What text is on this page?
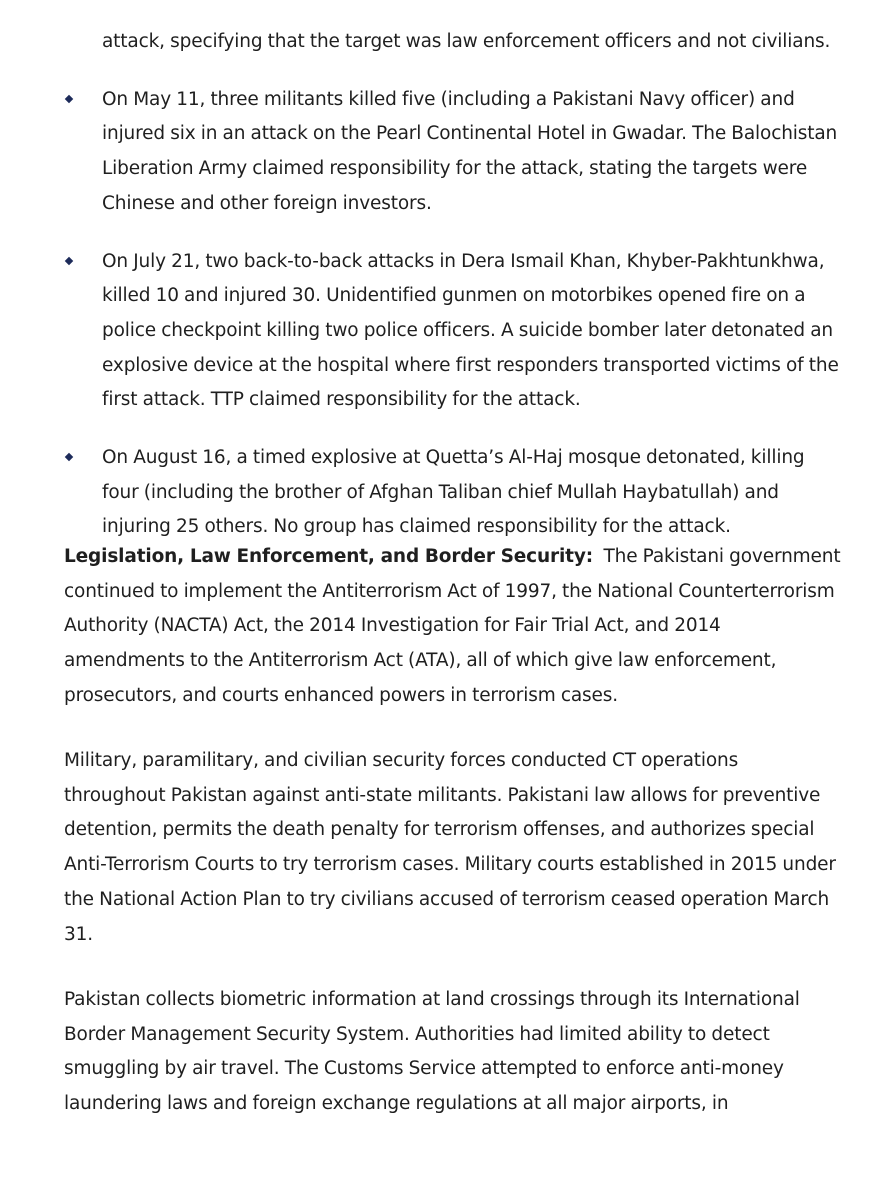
attack, specifying that the target was law enforcement officers and not civilians.
On May 11, three militants killed five (including a Pakistani Navy officer) and injured six in an attack on the Pearl Continental Hotel in Gwadar. The Balochistan Liberation Army claimed responsibility for the attack, stating the targets were Chinese and other foreign investors.
On July 21, two back-to-back attacks in Dera Ismail Khan, Khyber-Pakhtunkhwa, killed 10 and injured 30. Unidentified gunmen on motorbikes opened fire on a police checkpoint killing two police officers. A suicide bomber later detonated an explosive device at the hospital where first responders transported victims of the first attack. TTP claimed responsibility for the attack.
On August 16, a timed explosive at Quetta’s Al-Haj mosque detonated, killing four (including the brother of Afghan Taliban chief Mullah Haybatullah) and injuring 25 others. No group has claimed responsibility for the attack.

Legislation, Law Enforcement, and Border Security:  The Pakistani government continued to implement the Antiterrorism Act of 1997, the National Counterterrorism Authority (NACTA) Act, the 2014 Investigation for Fair Trial Act, and 2014 amendments to the Antiterrorism Act (ATA), all of which give law enforcement, prosecutors, and courts enhanced powers in terrorism cases.

Military, paramilitary, and civilian security forces conducted CT operations throughout Pakistan against anti-state militants. Pakistani law allows for preventive detention, permits the death penalty for terrorism offenses, and authorizes special Anti-Terrorism Courts to try terrorism cases. Military courts established in 2015 under the National Action Plan to try civilians accused of terrorism ceased operation March 31.

Pakistan collects biometric information at land crossings through its International Border Management Security System. Authorities had limited ability to detect smuggling by air travel. The Customs Service attempted to enforce anti-money laundering laws and foreign exchange regulations at all major airports, in
